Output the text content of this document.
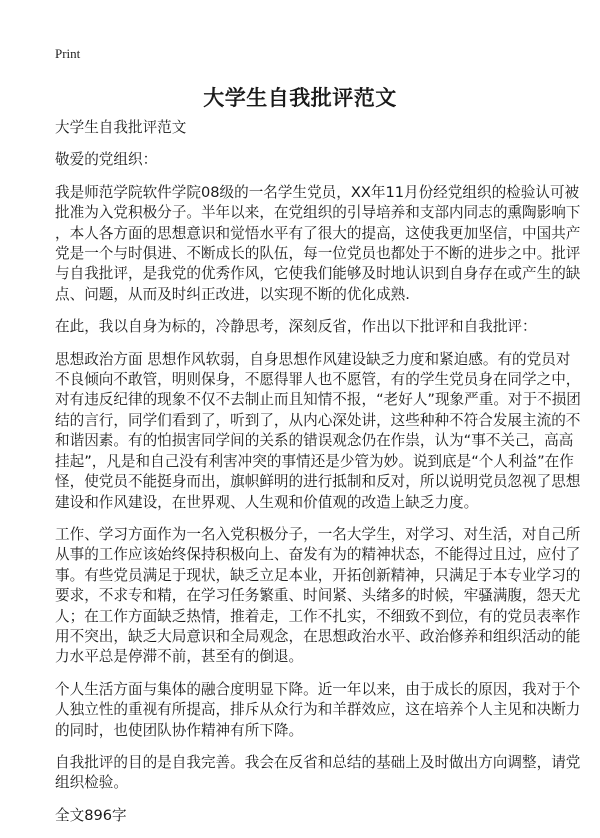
Print
大学生自我批评范文
大学生自我批评范文
敬爱的党组织：
我是师范学院软件学院08级的一名学生党员，XX年11月份经党组织的检验认可被
批准为入党积极分子。半年以来，在党组织的引导培养和支部内同志的熏陶影响下
，本人各方面的思想意识和觉悟水平有了很大的提高，这使我更加坚信，中国共产
党是一个与时俱进、不断成长的队伍，每一位党员也都处于不断的进步之中。批评
与自我批评，是我党的优秀作风，它使我们能够及时地认识到自身存在或产生的缺
点、问题，从而及时纠正改进，以实现不断的优化成熟.
在此，我以自身为标的，冷静思考，深刻反省，作出以下批评和自我批评：
思想政治方面 思想作风软弱，自身思想作风建设缺乏力度和紧迫感。有的党员对
不良倾向不敢管，明则保身，不愿得罪人也不愿管，有的学生党员身在同学之中，
对有违反纪律的现象不仅不去制止而且知情不报，“老好人”现象严重。对于不损团
结的言行，同学们看到了，听到了，从内心深处讲，这些种种不符合发展主流的不
和谐因素。有的怕损害同学间的关系的错误观念仍在作祟，认为“事不关己，高高
挂起”，凡是和自己没有利害冲突的事情还是少管为妙。说到底是“个人利益”在作
怪，使党员不能挺身而出，旗帜鲜明的进行抵制和反对，所以说明党员忽视了思想
建设和作风建设，在世界观、人生观和价值观的改造上缺乏力度。
工作、学习方面作为一名入党积极分子，一名大学生，对学习、对生活，对自己所
从事的工作应该始终保持积极向上、奋发有为的精神状态，不能得过且过，应付了
事。有些党员满足于现状，缺乏立足本业，开拓创新精神，只满足于本专业学习的
要求，不求专和精，在学习任务繁重、时间紧、头绪多的时候，牢骚满腹，怨天尤
人；在工作方面缺乏热情，推着走，工作不扎实，不细致不到位，有的党员表率作
用不突出，缺乏大局意识和全局观念，在思想政治水平、政治修养和组织活动的能
力水平总是停滞不前，甚至有的倒退。
个人生活方面与集体的融合度明显下降。近一年以来，由于成长的原因，我对于个
人独立性的重视有所提高，排斥从众行为和羊群效应，这在培养个人主见和决断力
的同时，也使团队协作精神有所下降。
自我批评的目的是自我完善。我会在反省和总结的基础上及时做出方向调整，请党
组织检验。
全文896字
